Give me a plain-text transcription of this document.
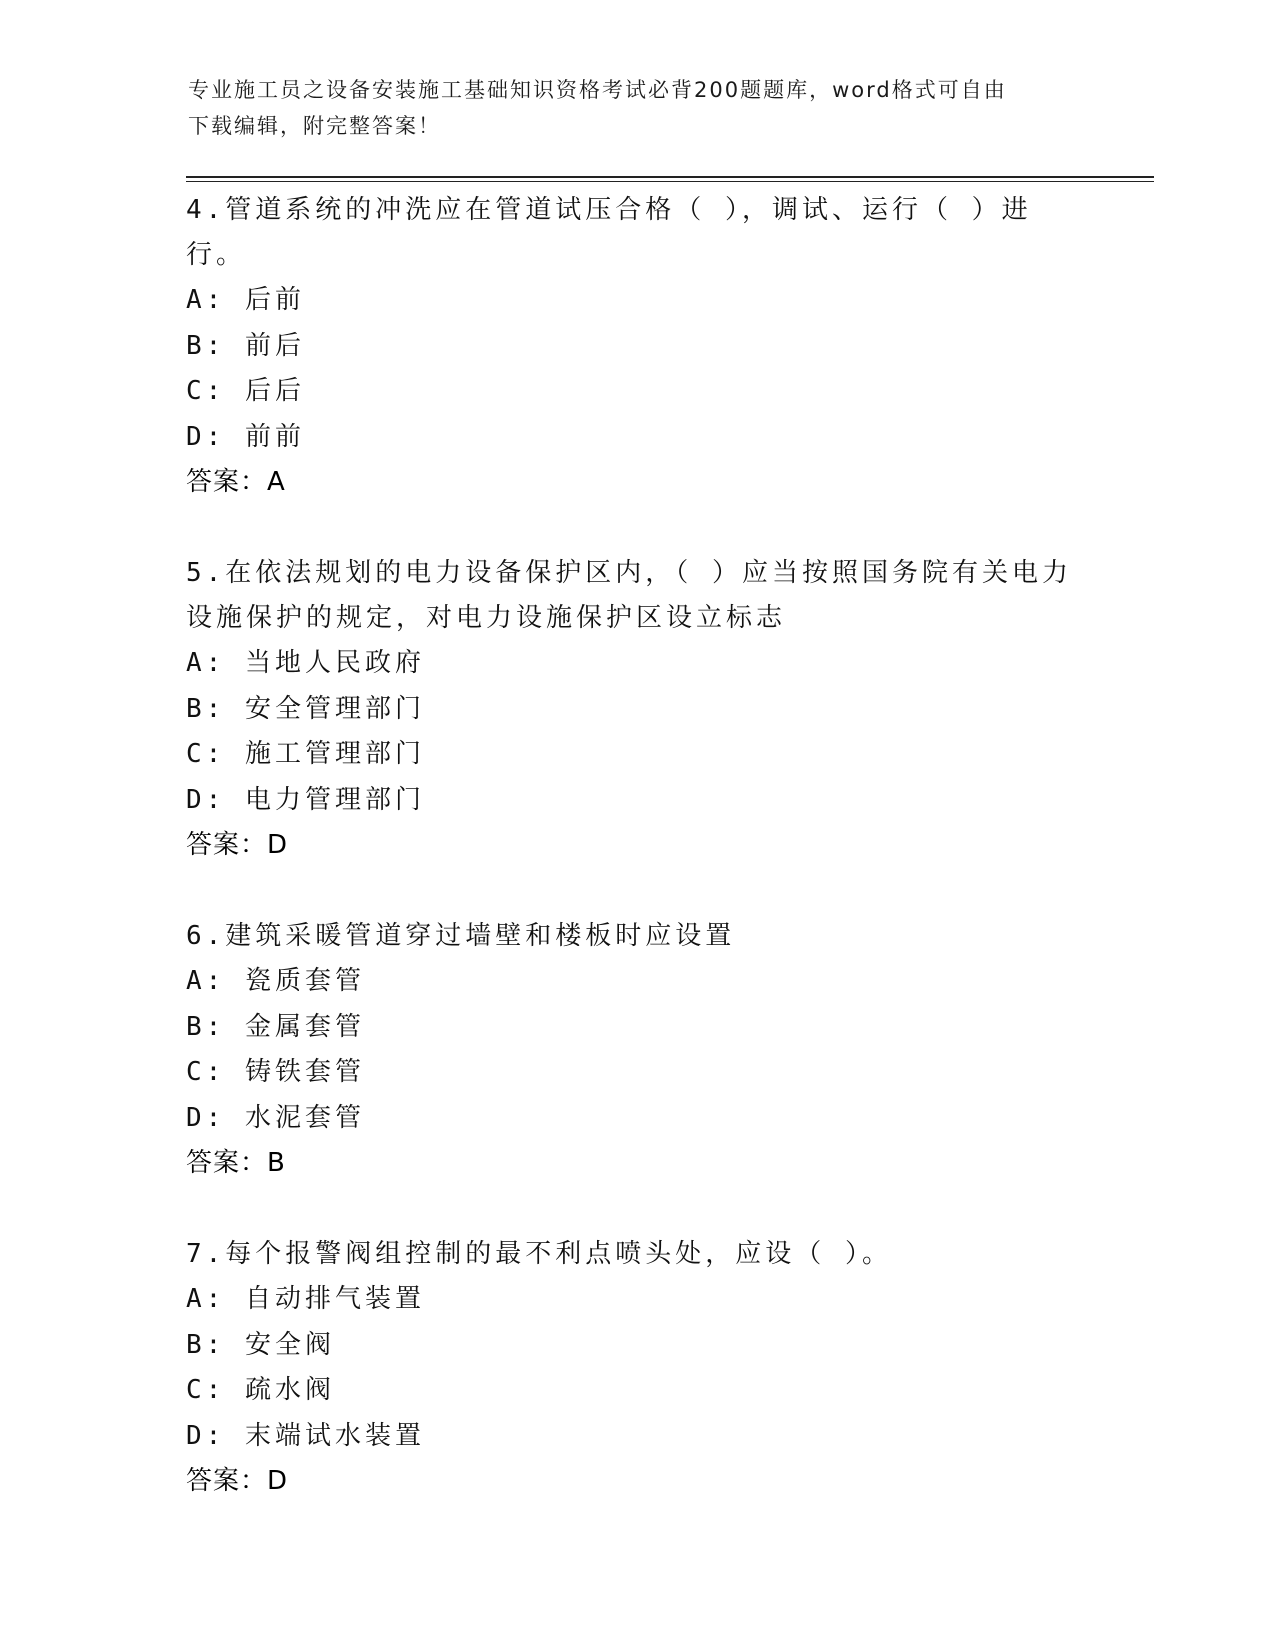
专业施工员之设备安装施工基础知识资格考试必背200题题库，word格式可自由
下载编辑，附完整答案！
4.管道系统的冲洗应在管道试压合格（ ），调试、运行（ ）进行。
A: 后前
B: 前后
C: 后后
D: 前前
答案：A
5.在依法规划的电力设备保护区内，（ ）应当按照国务院有关电力设施保护的规定，对电力设施保护区设立标志
A: 当地人民政府
B: 安全管理部门
C: 施工管理部门
D: 电力管理部门
答案：D
6.建筑采暖管道穿过墙壁和楼板时应设置
A: 瓷质套管
B: 金属套管
C: 铸铁套管
D: 水泥套管
答案：B
7.每个报警阀组控制的最不利点喷头处，应设（ ）。
A: 自动排气装置
B: 安全阀
C: 疏水阀
D: 末端试水装置
答案：D
